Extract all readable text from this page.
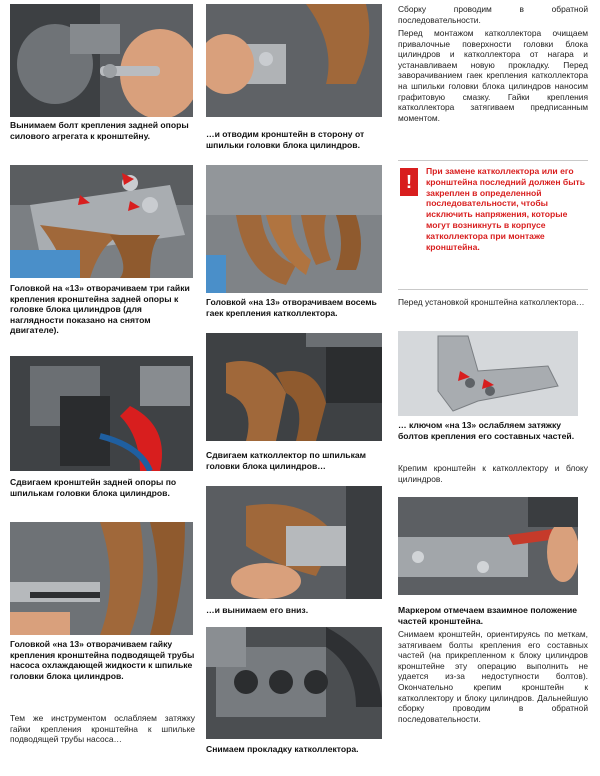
Вынимаем болт крепления задней опоры силового агрегата к кронштейну.
Головкой на «13» отворачиваем три гайки крепления кронштейна задней опоры к головке блока цилиндров (для наглядности показано на снятом двигателе).
Сдвигаем кронштейн задней опоры по шпилькам головки блока цилиндров.
Головкой «на 13» отворачиваем гайку крепления кронштейна подводящей трубы насоса охлаждающей жидкости к шпильке головки блока цилиндров.
Тем же инструментом ослабляем затяжку гайки крепления кронштейна к шпильке подводящей трубы насоса…
…и отводим кронштейн в сторону от шпильки головки блока цилиндров.
Головкой «на 13» отворачиваем восемь гаек крепления катколлектора.
Сдвигаем катколлектор по шпилькам головки блока цилиндров…
…и вынимаем его вниз.
Снимаем прокладку катколлектора.
Сборку проводим в обратной последовательности.
Перед монтажом катколлектора очищаем привалочные поверхности головки блока цилиндров и катколлектора от нагара и устанавливаем новую прокладку. Перед заворачиванием гаек крепления катколлектора на шпильки головки блока цилиндров наносим графитовую смазку. Гайки крепления катколлектора затягиваем предписанным моментом.
!
При замене катколлектора или его кронштейна последний должен быть закреплен в определенной последовательности, чтобы исключить напряжения, которые могут возникнуть в корпусе катколлектора при монтаже кронштейна.
Перед установкой кронштейна катколлектора…
… ключом «на 13» ослабляем затяжку болтов крепления его составных частей.
Крепим кронштейн к катколлектору и блоку цилиндров.
Маркером отмечаем взаимное положение частей кронштейна.
Снимаем кронштейн, ориентируясь по меткам, затягиваем болты крепления его составных частей (на прикрепленном к блоку цилиндров кронштейне эту операцию выполнить не удается из-за недоступности болтов). Окончательно крепим кронштейн к катколлектору и блоку цилиндров. Дальнейшую сборку проводим в обратной последовательности.
